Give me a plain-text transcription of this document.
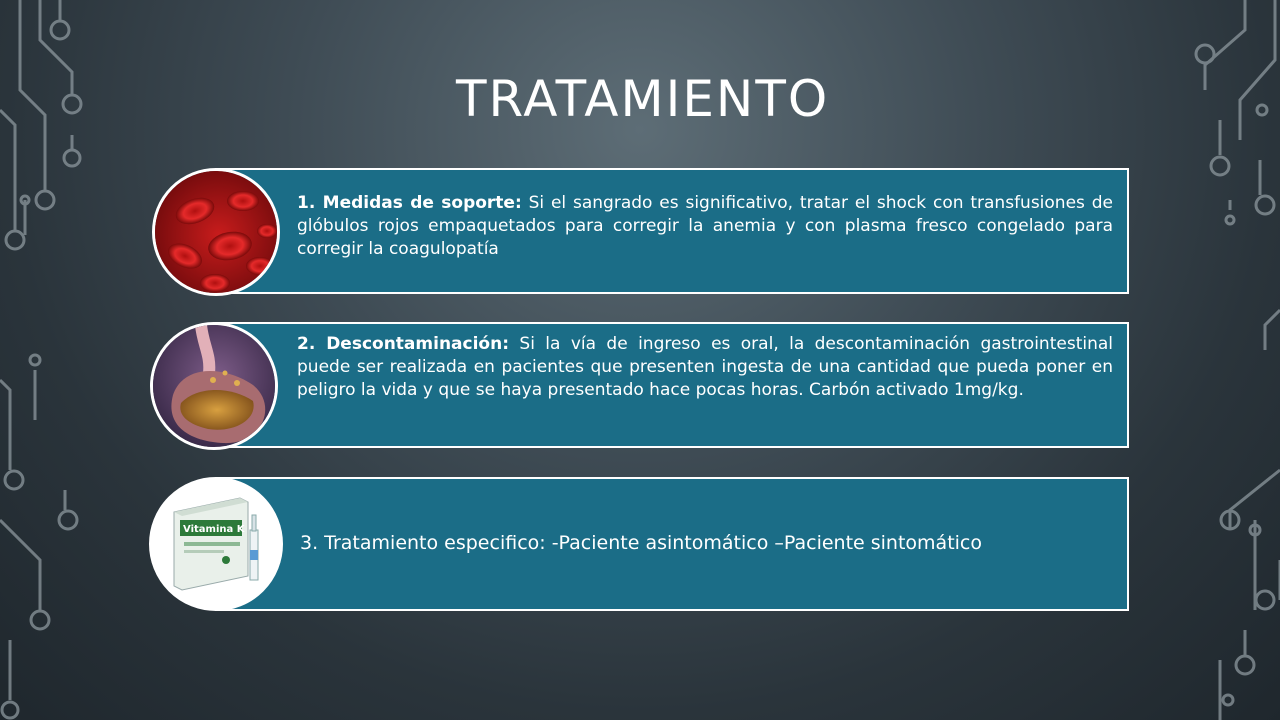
TRATAMIENTO
1. Medidas de soporte: Si el sangrado es significativo, tratar el shock con transfusiones de glóbulos rojos empaquetados para corregir la anemia y con plasma fresco congelado para corregir la coagulopatía
2. Descontaminación: Si la vía de ingreso es oral, la descontaminación gastrointestinal puede ser realizada en pacientes que presenten ingesta de una cantidad que pueda poner en peligro la vida y que se haya presentado hace pocas horas. Carbón activado 1mg/kg.
3. Tratamiento especifico: -Paciente asintomático –Paciente sintomático
Vitamina K
